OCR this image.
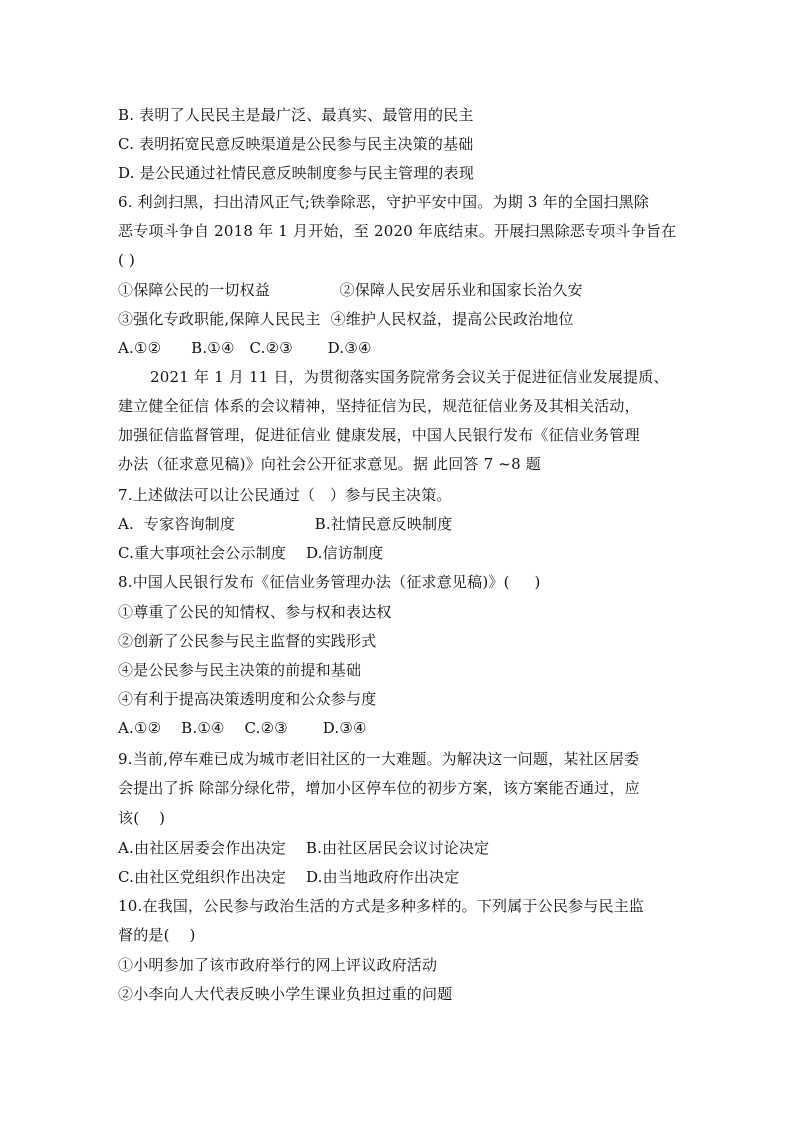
B. 表明了人民民主是最广泛、最真实、最管用的民主
C. 表明拓宽民意反映渠道是公民参与民主决策的基础
D. 是公民通过社情民意反映制度参与民主管理的表现
6. 利剑扫黑，扫出清风正气;铁拳除恶，守护平安中国。为期 3 年的全国扫黑除
恶专项斗争自 2018 年 1 月开始，至 2020 年底结束。开展扫黑除恶专项斗争旨在
( )
①保障公民的一切权益              ②保障人民安居乐业和国家长治久安
③强化专政职能,保障人民民主  ④维护人民权益，提高公民政治地位
A.①②      B.①④   C.②③       D.③④
2021 年 1 月 11 日，为贯彻落实国务院常务会议关于促进征信业发展提质、
建立健全征信 体系的会议精神，坚持征信为民，规范征信业务及其相关活动，
加强征信监督管理，促进征信业 健康发展，中国人民银行发布《征信业务管理
办法（征求意见稿)》向社会公开征求意见。据 此回答 7 ~8 题
7.上述做法可以让公民通过（   ）参与民主决策。
A.  专家咨询制度                B.社情民意反映制度
C.重大事项社会公示制度    D.信访制度
8.中国人民银行发布《征信业务管理办法（征求意见稿)》(     )
①尊重了公民的知情权、参与权和表达权
②创新了公民参与民主监督的实践形式
④是公民参与民主决策的前提和基础
④有利于提高决策透明度和公众参与度
A.①②    B.①④    C.②③       D.③④
9.当前,停车难已成为城市老旧社区的一大难题。为解决这一问题，某社区居委
会提出了拆 除部分绿化带，增加小区停车位的初步方案，该方案能否通过，应
该(    )
A.由社区居委会作出决定    B.由社区居民会议讨论决定
C.由社区党组织作出决定    D.由当地政府作出决定
10.在我国，公民参与政治生活的方式是多种多样的。下列属于公民参与民主监
督的是(    )
①小明参加了该市政府举行的网上评议政府活动
②小李向人大代表反映小学生课业负担过重的问题
